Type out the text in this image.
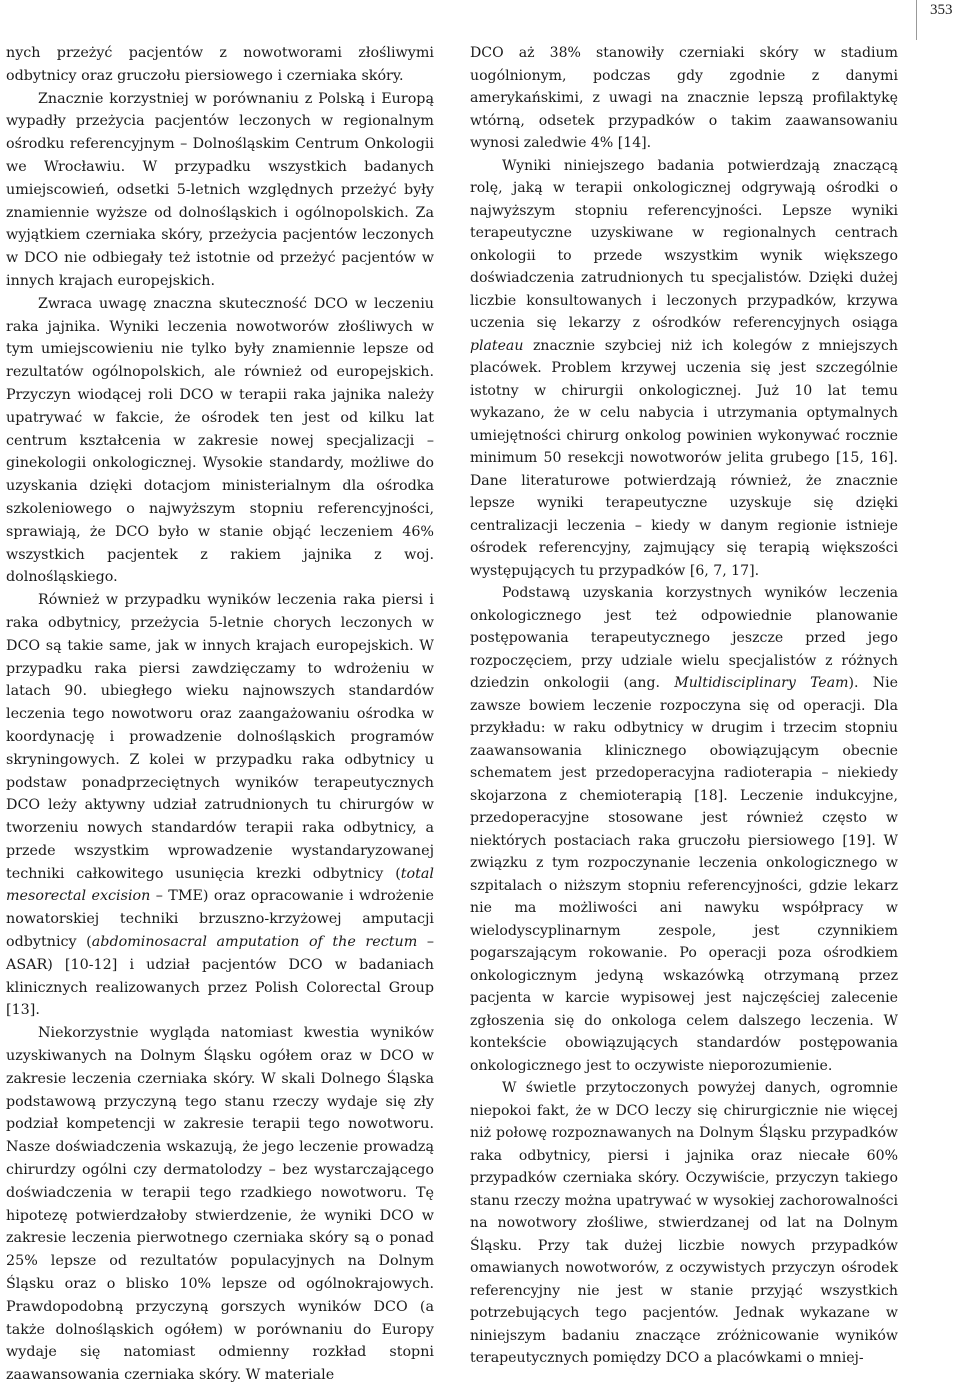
353

nych przeżyć pacjentów z nowotworami złośliwymi odbytnicy oraz gruczołu piersiowego i czerniaka skóry.

Znacznie korzystniej w porównaniu z Polską i Europą wypadły przeżycia pacjentów leczonych w regionalnym ośrodku referencyjnym – Dolnośląskim Centrum Onkologii we Wrocławiu. W przypadku wszystkich badanych umiejscowień, odsetki 5-letnich względnych przeżyć były znamiennie wyższe od dolnośląskich i ogólnopolskich. Za wyjątkiem czerniaka skóry, przeżycia pacjentów leczonych w DCO nie odbiegały też istotnie od przeżyć pacjentów w innych krajach europejskich.

Zwraca uwagę znaczna skuteczność DCO w leczeniu raka jajnika. Wyniki leczenia nowotworów złośliwych w tym umiejscowieniu nie tylko były znamiennie lepsze od rezultatów ogólnopolskich, ale również od europejskich. Przyczyn wiodącej roli DCO w terapii raka jajnika należy upatrywać w fakcie, że ośrodek ten jest od kilku lat centrum kształcenia w zakresie nowej specjalizacji – ginekologii onkologicznej. Wysokie standardy, możliwe do uzyskania dzięki dotacjom ministerialnym dla ośrodka szkoleniowego o najwyższym stopniu referencyjności, sprawiają, że DCO było w stanie objąć leczeniem 46% wszystkich pacjentek z rakiem jajnika z woj. dolnośląskiego.

Również w przypadku wyników leczenia raka piersi i raka odbytnicy, przeżycia 5-letnie chorych leczonych w DCO są takie same, jak w innych krajach europejskich. W przypadku raka piersi zawdzięczamy to wdrożeniu w latach 90. ubiegłego wieku najnowszych standardów leczenia tego nowotworu oraz zaangażowaniu ośrodka w koordynację i prowadzenie dolnośląskich programów skryningowych. Z kolei w przypadku raka odbytnicy u podstaw ponadprzeciętnych wyników terapeutycznych DCO leży aktywny udział zatrudnionych tu chirurgów w tworzeniu nowych standardów terapii raka odbytnicy, a przede wszystkim wprowadzenie wystandaryzowanej techniki całkowitego usunięcia krezki odbytnicy (total mesorectal excision – TME) oraz opracowanie i wdrożenie nowatorskiej techniki brzuszno-krzyżowej amputacji odbytnicy (abdominosacral amputation of the rectum – ASAR) [10-12] i udział pacjentów DCO w badaniach klinicznych realizowanych przez Polish Colorectal Group [13].

Niekorzystnie wygląda natomiast kwestia wyników uzyskiwanych na Dolnym Śląsku ogółem oraz w DCO w zakresie leczenia czerniaka skóry. W skali Dolnego Śląska podstawową przyczyną tego stanu rzeczy wydaje się zły podział kompetencji w zakresie terapii tego nowotworu. Nasze doświadczenia wskazują, że jego leczenie prowadzą chirurdzy ogólni czy dermatolodzy – bez wystarczającego doświadczenia w terapii tego rzadkiego nowotworu. Tę hipotezę potwierdzałoby stwierdzenie, że wyniki DCO w zakresie leczenia pierwotnego czerniaka skóry są o ponad 25% lepsze od rezultatów populacyjnych na Dolnym Śląsku oraz o blisko 10% lepsze od ogólnokrajowych. Prawdopodobną przyczyną gorszych wyników DCO (a także dolnośląskich ogółem) w porównaniu do Europy wydaje się natomiast odmienny rozkład stopni zaawansowania czerniaka skóry. W materiale

DCO aż 38% stanowiły czerniaki skóry w stadium uogólnionym, podczas gdy zgodnie z danymi amerykańskimi, z uwagi na znacznie lepszą profilaktykę wtórną, odsetek przypadków o takim zaawansowaniu wynosi zaledwie 4% [14].

Wyniki niniejszego badania potwierdzają znaczącą rolę, jaką w terapii onkologicznej odgrywają ośrodki o najwyższym stopniu referencyjności. Lepsze wyniki terapeutyczne uzyskiwane w regionalnych centrach onkologii to przede wszystkim wynik większego doświadczenia zatrudnionych tu specjalistów. Dzięki dużej liczbie konsultowanych i leczonych przypadków, krzywa uczenia się lekarzy z ośrodków referencyjnych osiąga plateau znacznie szybciej niż ich kolegów z mniejszych placówek. Problem krzywej uczenia się jest szczególnie istotny w chirurgii onkologicznej. Już 10 lat temu wykazano, że w celu nabycia i utrzymania optymalnych umiejętności chirurg onkolog powinien wykonywać rocznie minimum 50 resekcji nowotworów jelita grubego [15, 16]. Dane literaturowe potwierdzają również, że znacznie lepsze wyniki terapeutyczne uzyskuje się dzięki centralizacji leczenia – kiedy w danym regionie istnieje ośrodek referencyjny, zajmujący się terapią większości występujących tu przypadków [6, 7, 17].

Podstawą uzyskania korzystnych wyników leczenia onkologicznego jest też odpowiednie planowanie postępowania terapeutycznego jeszcze przed jego rozpoczęciem, przy udziale wielu specjalistów z różnych dziedzin onkologii (ang. Multidisciplinary Team). Nie zawsze bowiem leczenie rozpoczyna się od operacji. Dla przykładu: w raku odbytnicy w drugim i trzecim stopniu zaawansowania klinicznego obowiązującym obecnie schematem jest przedoperacyjna radioterapia – niekiedy skojarzona z chemioterapią [18]. Leczenie indukcyjne, przedoperacyjne stosowane jest również często w niektórych postaciach raka gruczołu piersiowego [19]. W związku z tym rozpoczynanie leczenia onkologicznego w szpitalach o niższym stopniu referencyjności, gdzie lekarz nie ma możliwości ani nawyku współpracy w wielodyscyplinarnym zespole, jest czynnikiem pogarszającym rokowanie. Po operacji poza ośrodkiem onkologicznym jedyną wskazówką otrzymaną przez pacjenta w karcie wypisowej jest najczęściej zalecenie zgłoszenia się do onkologa celem dalszego leczenia. W kontekście obowiązujących standardów postępowania onkologicznego jest to oczywiste nieporozumienie.

W świetle przytoczonych powyżej danych, ogromnie niepokoi fakt, że w DCO leczy się chirurgicznie nie więcej niż połowę rozpoznawanych na Dolnym Śląsku przypadków raka odbytnicy, piersi i jajnika oraz niecałe 60% przypadków czerniaka skóry. Oczywiście, przyczyn takiego stanu rzeczy można upatrywać w wysokiej zachorowalności na nowotwory złośliwe, stwierdzanej od lat na Dolnym Śląsku. Przy tak dużej liczbie nowych przypadków omawianych nowotworów, z oczywistych przyczyn ośrodek referencyjny nie jest w stanie przyjąć wszystkich potrzebujących tego pacjentów. Jednak wykazane w niniejszym badaniu znaczące zróżnicowanie wyników terapeutycznych pomiędzy DCO a placówkami o mniej-
